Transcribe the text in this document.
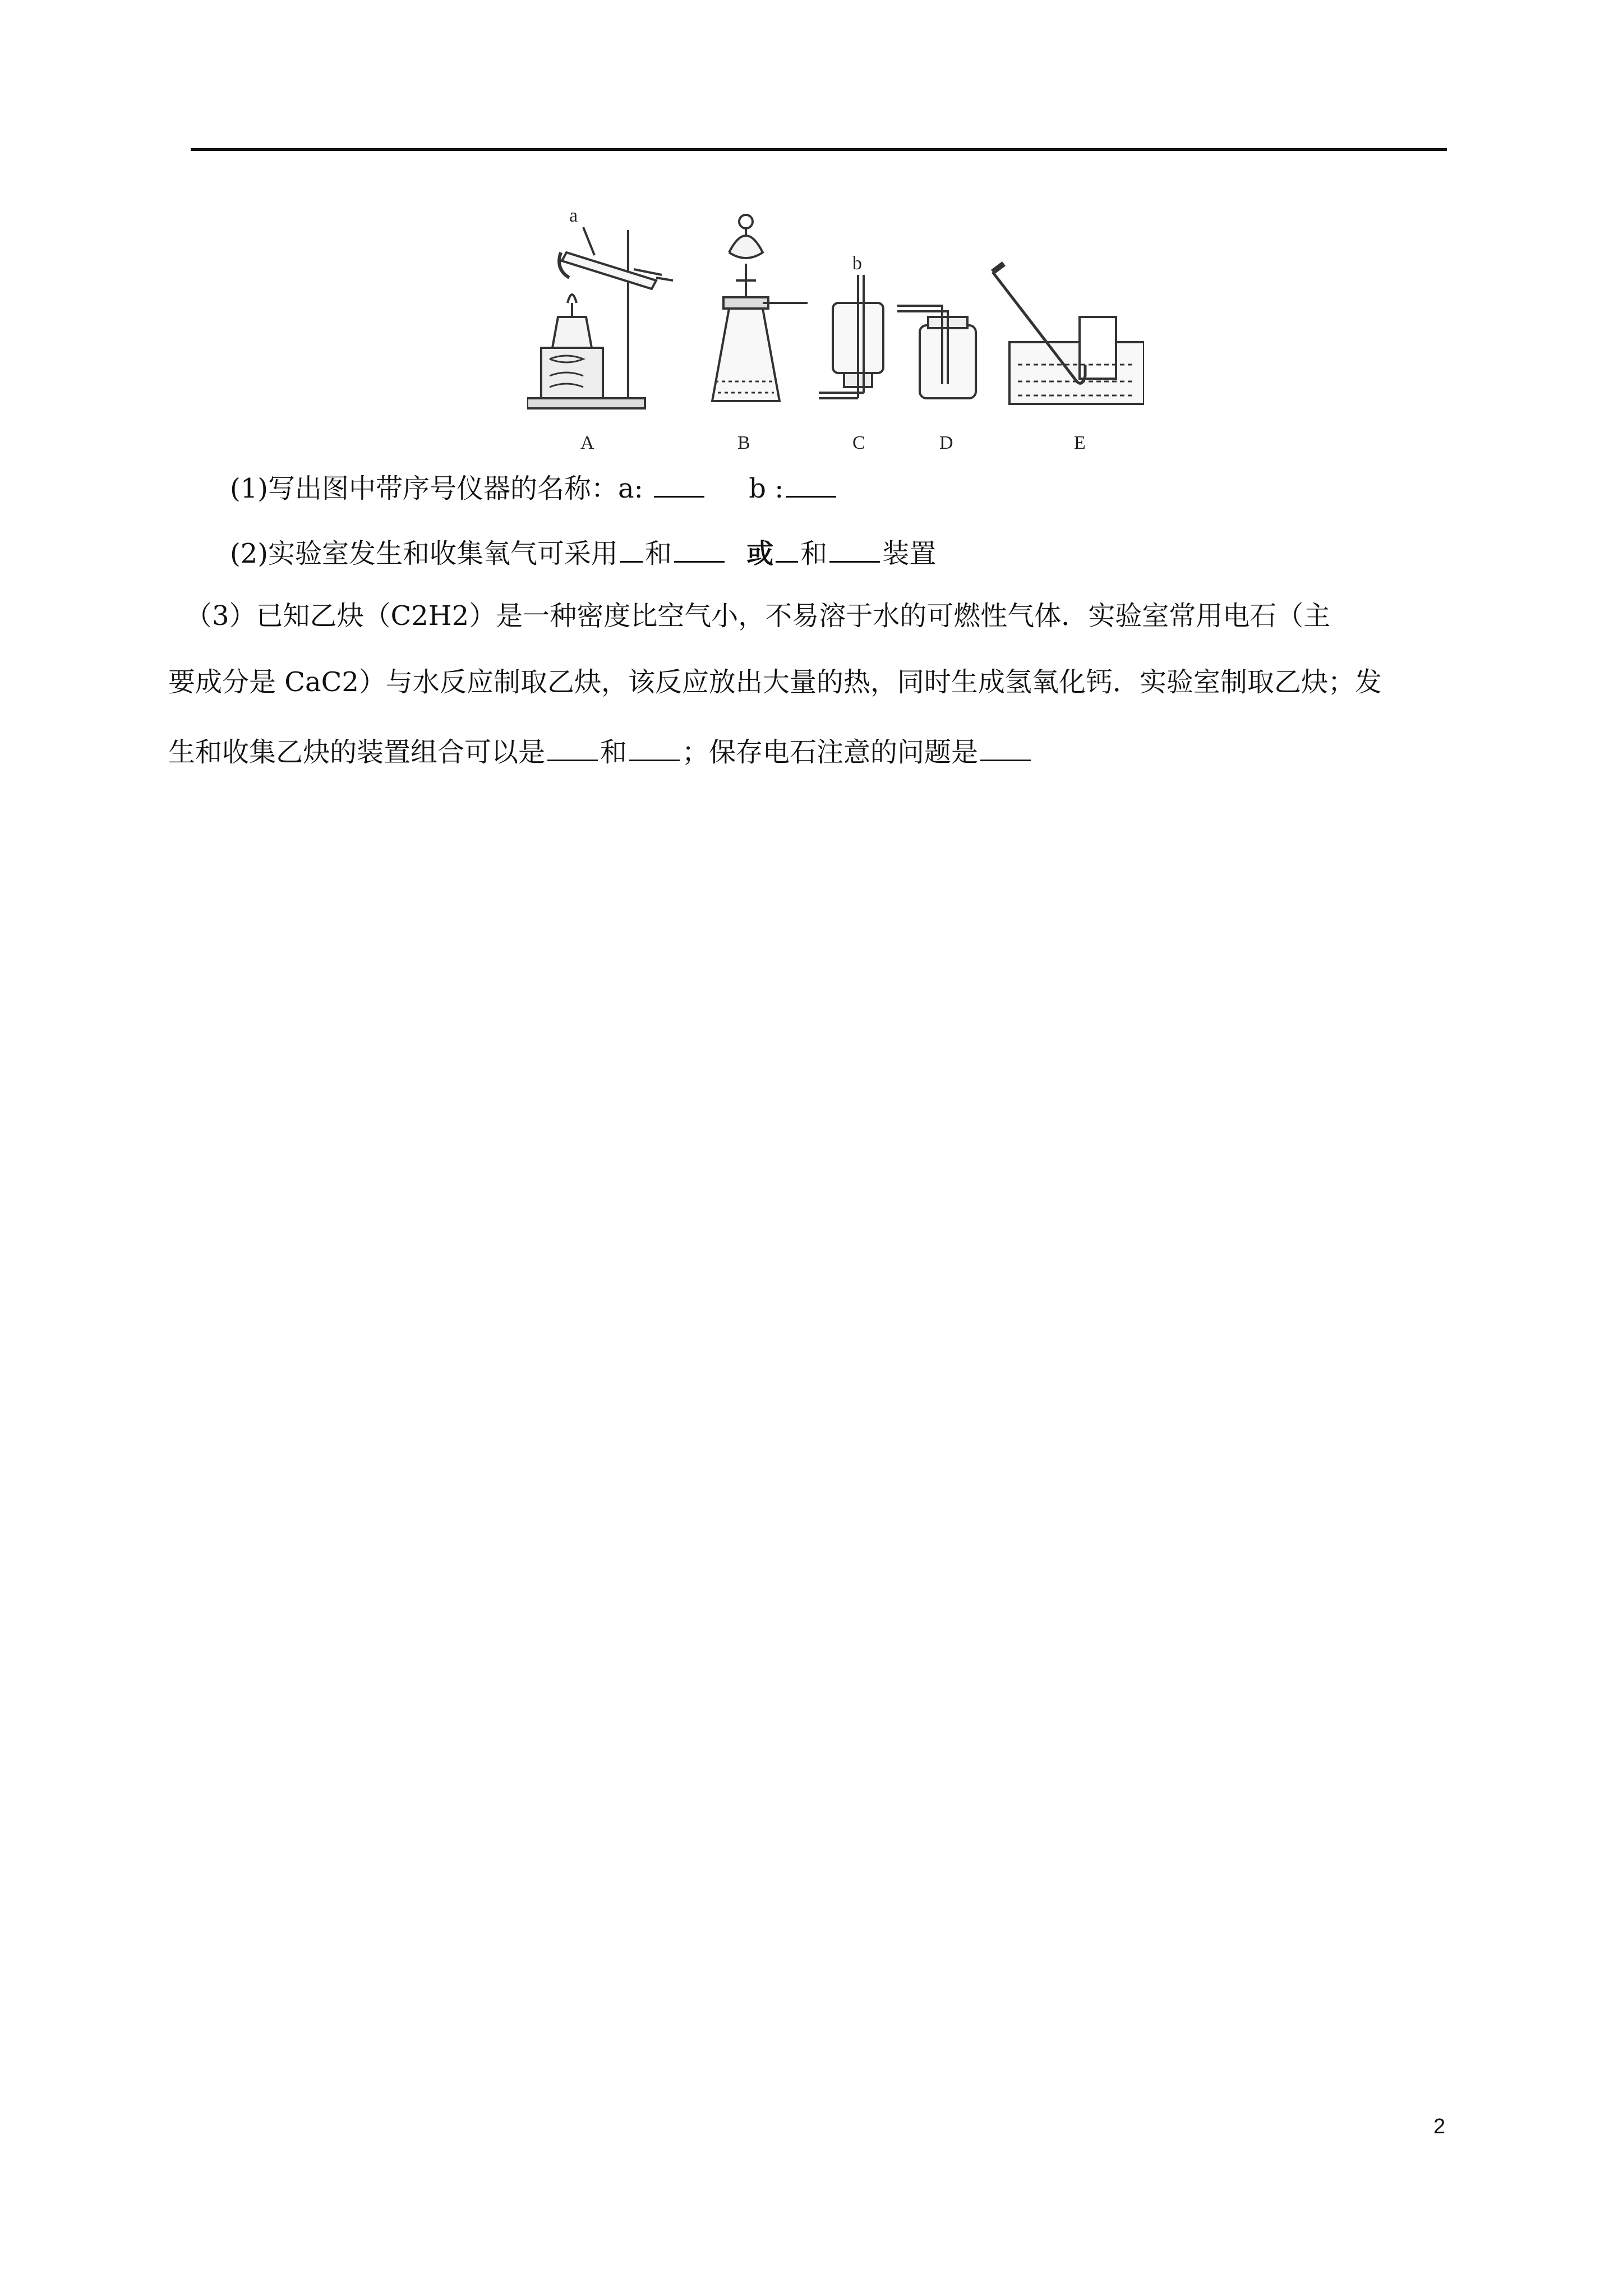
A	B	C	D	E
a
b
(1)写出图中带序号仪器的名称：a:	b :
(2)实验室发生和收集氧气可采用 和	或 和 装置
（3）已知乙炔（C2H2）是一种密度比空气小，不易溶于水的可燃性气体．实验室常用电石（主
要成分是 CaC2）与水反应制取乙炔，该反应放出大量的热，同时生成氢氧化钙．实验室制取乙炔；发
生和收集乙炔的装置组合可以是 和 ；保存电石注意的问题是
2
